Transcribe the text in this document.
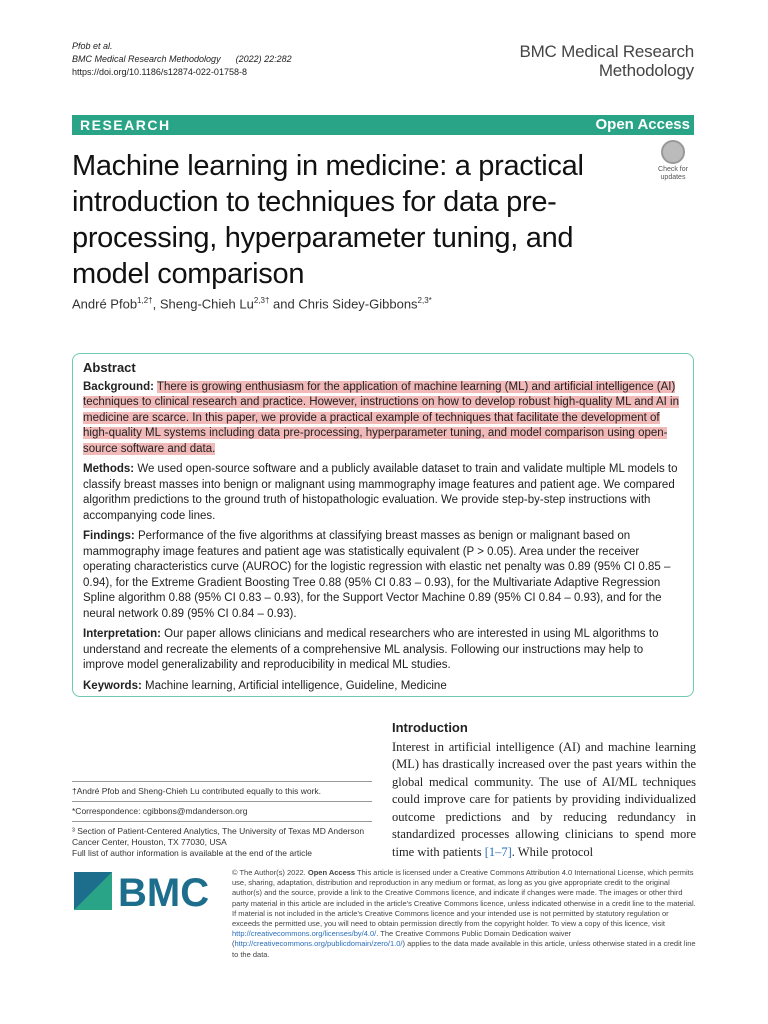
Pfob et al.
BMC Medical Research Methodology (2022) 22:282
https://doi.org/10.1186/s12874-022-01758-8
BMC Medical Research
Methodology
RESEARCH	Open Access
Machine learning in medicine: a practical introduction to techniques for data pre-processing, hyperparameter tuning, and model comparison
Check for
updates
André Pfob$^{1,2\dagger}$, Sheng-Chieh $Lu^{2,3\dagger}$ and Chris Sidey-Gibbons$^{2,3*}$
Abstract

Background: There is growing enthusiasm for the application of machine learning (ML) and artificial intelligence (AI) techniques to clinical research and practice. However, instructions on how to develop robust high-quality ML and AI in medicine are scarce. In this paper, we provide a practical example of techniques that facilitate the development of high-quality ML systems including data pre-processing, hyperparameter tuning, and model comparison using open-source software and data.

Methods: We used open-source software and a publicly available dataset to train and validate multiple ML models to classify breast masses into benign or malignant using mammography image features and patient age. We compared algorithm predictions to the ground truth of histopathologic evaluation. We provide step-by-step instructions with accompanying code lines.

Findings: Performance of the five algorithms at classifying breast masses as benign or malignant based on mammography image features and patient age was statistically equivalent (P > 0.05). Area under the receiver operating characteristics curve (AUROC) for the logistic regression with elastic net penalty was 0.89 (95% CI 0.85 – 0.94), for the Extreme Gradient Boosting Tree 0.88 (95% CI 0.83 – 0.93), for the Multivariate Adaptive Regression Spline algorithm 0.88 (95% CI 0.83 – 0.93), for the Support Vector Machine 0.89 (95% CI 0.84 – 0.93), and for the neural network 0.89 (95% CI 0.84 – 0.93).

Interpretation: Our paper allows clinicians and medical researchers who are interested in using ML algorithms to understand and recreate the elements of a comprehensive ML analysis. Following our instructions may help to improve model generalizability and reproducibility in medical ML studies.

Keywords: Machine learning, Artificial intelligence, Guideline, Medicine

Introduction
Interest in artificial intelligence (AI) and machine learning (ML) has drastically increased over the past years within the global medical community. The use of AI/ML techniques could improve care for patients by providing individualized outcome predictions and by reducing redundancy in standardized processes allowing clinicians to spend more time with patients [1–7]. While protocol
†André Pfob and Sheng-Chieh Lu contributed equally to this work.
*Correspondence: cgibbons@mdanderson.org
³ Section of Patient-Centered Analytics, The University of Texas MD Anderson Cancer Center, Houston, TX 77030, USA
Full list of author information is available at the end of the article
BMC	© The Author(s) 2022. Open Access This article is licensed under a Creative Commons Attribution 4.0 International License, which permits use, sharing, adaptation, distribution and reproduction in any medium or format, as long as you give appropriate credit to the original author(s) and the source, provide a link to the Creative Commons licence, and indicate if changes were made. The images or other third party material in this article are included in the article's Creative Commons licence, unless indicated otherwise in a credit line to the material. If material is not included in the article's Creative Commons licence and your intended use is not permitted by statutory regulation or exceeds the permitted use, you will need to obtain permission directly from the copyright holder. To view a copy of this licence, visit http://creativecommons.org/licenses/by/4.0/. The Creative Commons Public Domain Dedication waiver (http://creativecommons.org/publicdomain/zero/1.0/) applies to the data made available in this article, unless otherwise stated in a credit line to the data.
